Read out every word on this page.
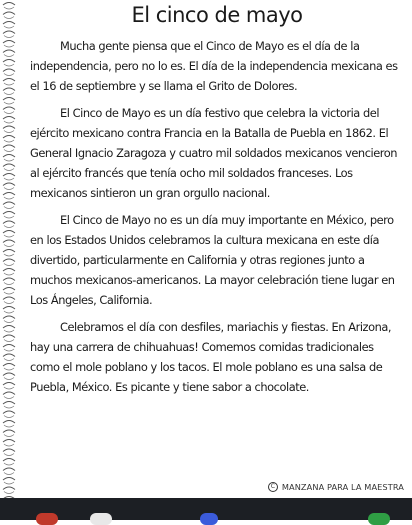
El cinco de mayo

Mucha gente piensa que el Cinco de Mayo es el día de la independencia, pero no lo es. El día de la independencia mexicana es el 16 de septiembre y se llama el Grito de Dolores.

El Cinco de Mayo es un día festivo que celebra la victoria del ejército mexicano contra Francia en la Batalla de Puebla en 1862. El General Ignacio Zaragoza y cuatro mil soldados mexicanos vencieron al ejército francés que tenía ocho mil soldados franceses. Los mexicanos sintieron un gran orgullo nacional.

El Cinco de Mayo no es un día muy importante en México, pero en los Estados Unidos celebramos la cultura mexicana en este día divertido, particularmente en California y otras regiones junto a muchos mexicanos-americanos. La mayor celebración tiene lugar en Los Ángeles, California.

Celebramos el día con desfiles, mariachis y fiestas. En Arizona, hay una carrera de chihuahuas! Comemos comidas tradicionales como el mole poblano y los tacos. El mole poblano es una salsa de Puebla, México. Es picante y tiene sabor a chocolate.

C MANZANA PARA LA MAESTRA
